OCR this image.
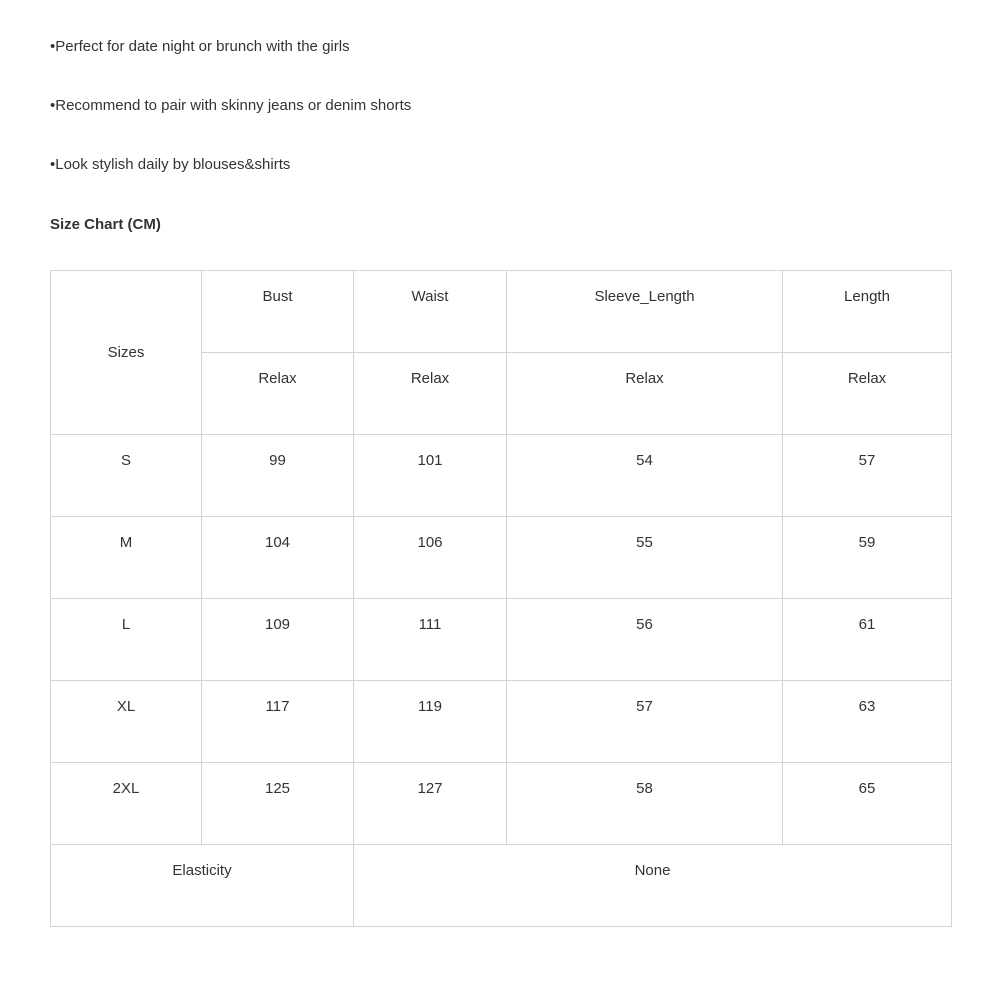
•Perfect for date night or brunch with the girls
•Recommend to pair with skinny jeans or denim shorts
•Look stylish daily by blouses&shirts
Size Chart (CM)
Sizes	Bust	Waist	Sleeve_Length	Length

	Relax	Relax	Relax	Relax

S	99	101	54	57

M	104	106	55	59

L	109	111	56	61

XL	117	119	57	63

2XL	125	127	58	65

Elasticity		None		
